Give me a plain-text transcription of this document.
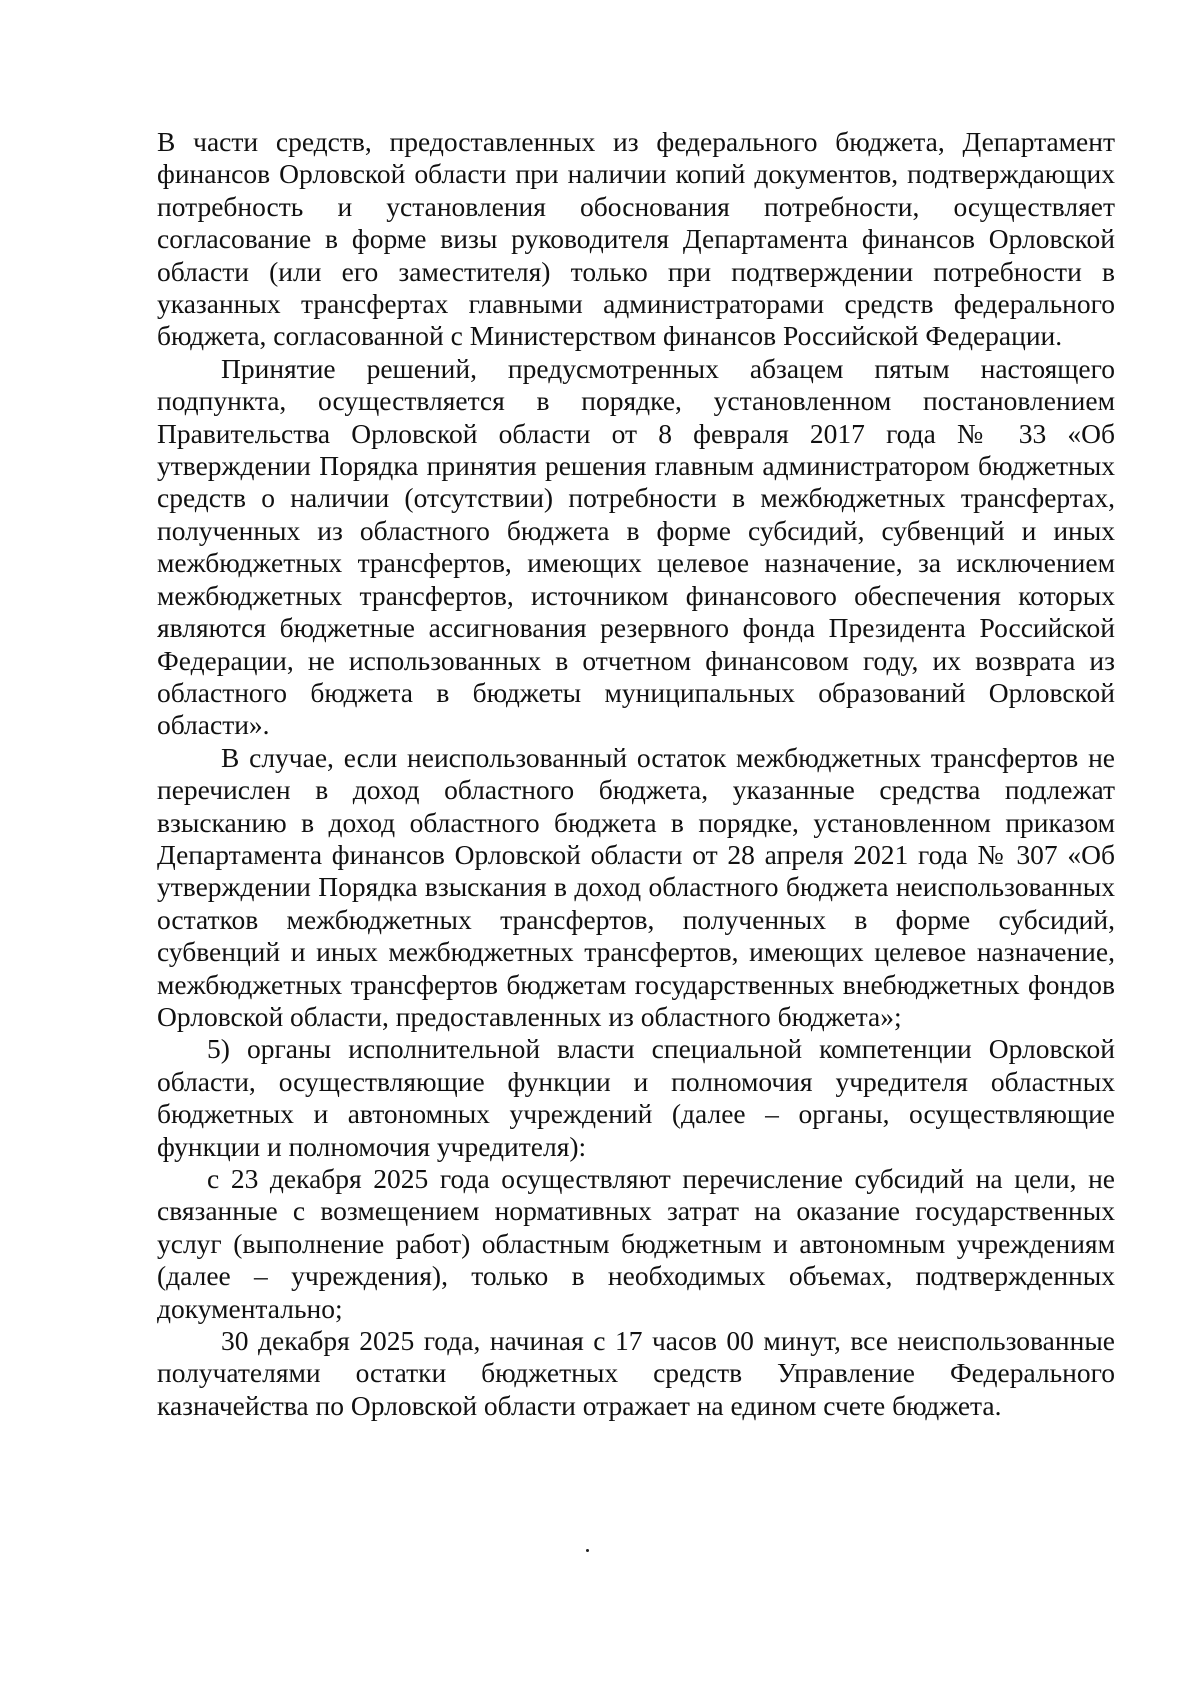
В части средств, предоставленных из федерального бюджета, Департамент финансов Орловской области при наличии копий документов, подтверждающих потребность и установления обоснования потребности, осуществляет согласование в форме визы руководителя Департамента финансов Орловской области (или его заместителя) только при подтверждении потребности в указанных трансфертах главными администраторами средств федерального бюджета, согласованной с Министерством финансов Российской Федерации.

Принятие решений, предусмотренных абзацем пятым настоящего подпункта, осуществляется в порядке, установленном постановлением Правительства Орловской области от 8 февраля 2017 года № 33 «Об утверждении Порядка принятия решения главным администратором бюджетных средств о наличии (отсутствии) потребности в межбюджетных трансфертах, полученных из областного бюджета в форме субсидий, субвенций и иных межбюджетных трансфертов, имеющих целевое назначение, за исключением межбюджетных трансфертов, источником финансового обеспечения которых являются бюджетные ассигнования резервного фонда Президента Российской Федерации, не использованных в отчетном финансовом году, их возврата из областного бюджета в бюджеты муниципальных образований Орловской области».

В случае, если неиспользованный остаток межбюджетных трансфертов не перечислен в доход областного бюджета, указанные средства подлежат взысканию в доход областного бюджета в порядке, установленном приказом Департамента финансов Орловской области от 28 апреля 2021 года № 307 «Об утверждении Порядка взыскания в доход областного бюджета неиспользованных остатков межбюджетных трансфертов, полученных в форме субсидий, субвенций и иных межбюджетных трансфертов, имеющих целевое назначение, межбюджетных трансфертов бюджетам государственных внебюджетных фондов Орловской области, предоставленных из областного бюджета»;

5) органы исполнительной власти специальной компетенции Орловской области, осуществляющие функции и полномочия учредителя областных бюджетных и автономных учреждений (далее – органы, осуществляющие функции и полномочия учредителя):

с 23 декабря 2025 года осуществляют перечисление субсидий на цели, не связанные с возмещением нормативных затрат на оказание государственных услуг (выполнение работ) областным бюджетным и автономным учреждениям (далее – учреждения), только в необходимых объемах, подтвержденных документально;

30 декабря 2025 года, начиная с 17 часов 00 минут, все неиспользованные получателями остатки бюджетных средств Управление Федерального казначейства по Орловской области отражает на едином счете бюджета.
